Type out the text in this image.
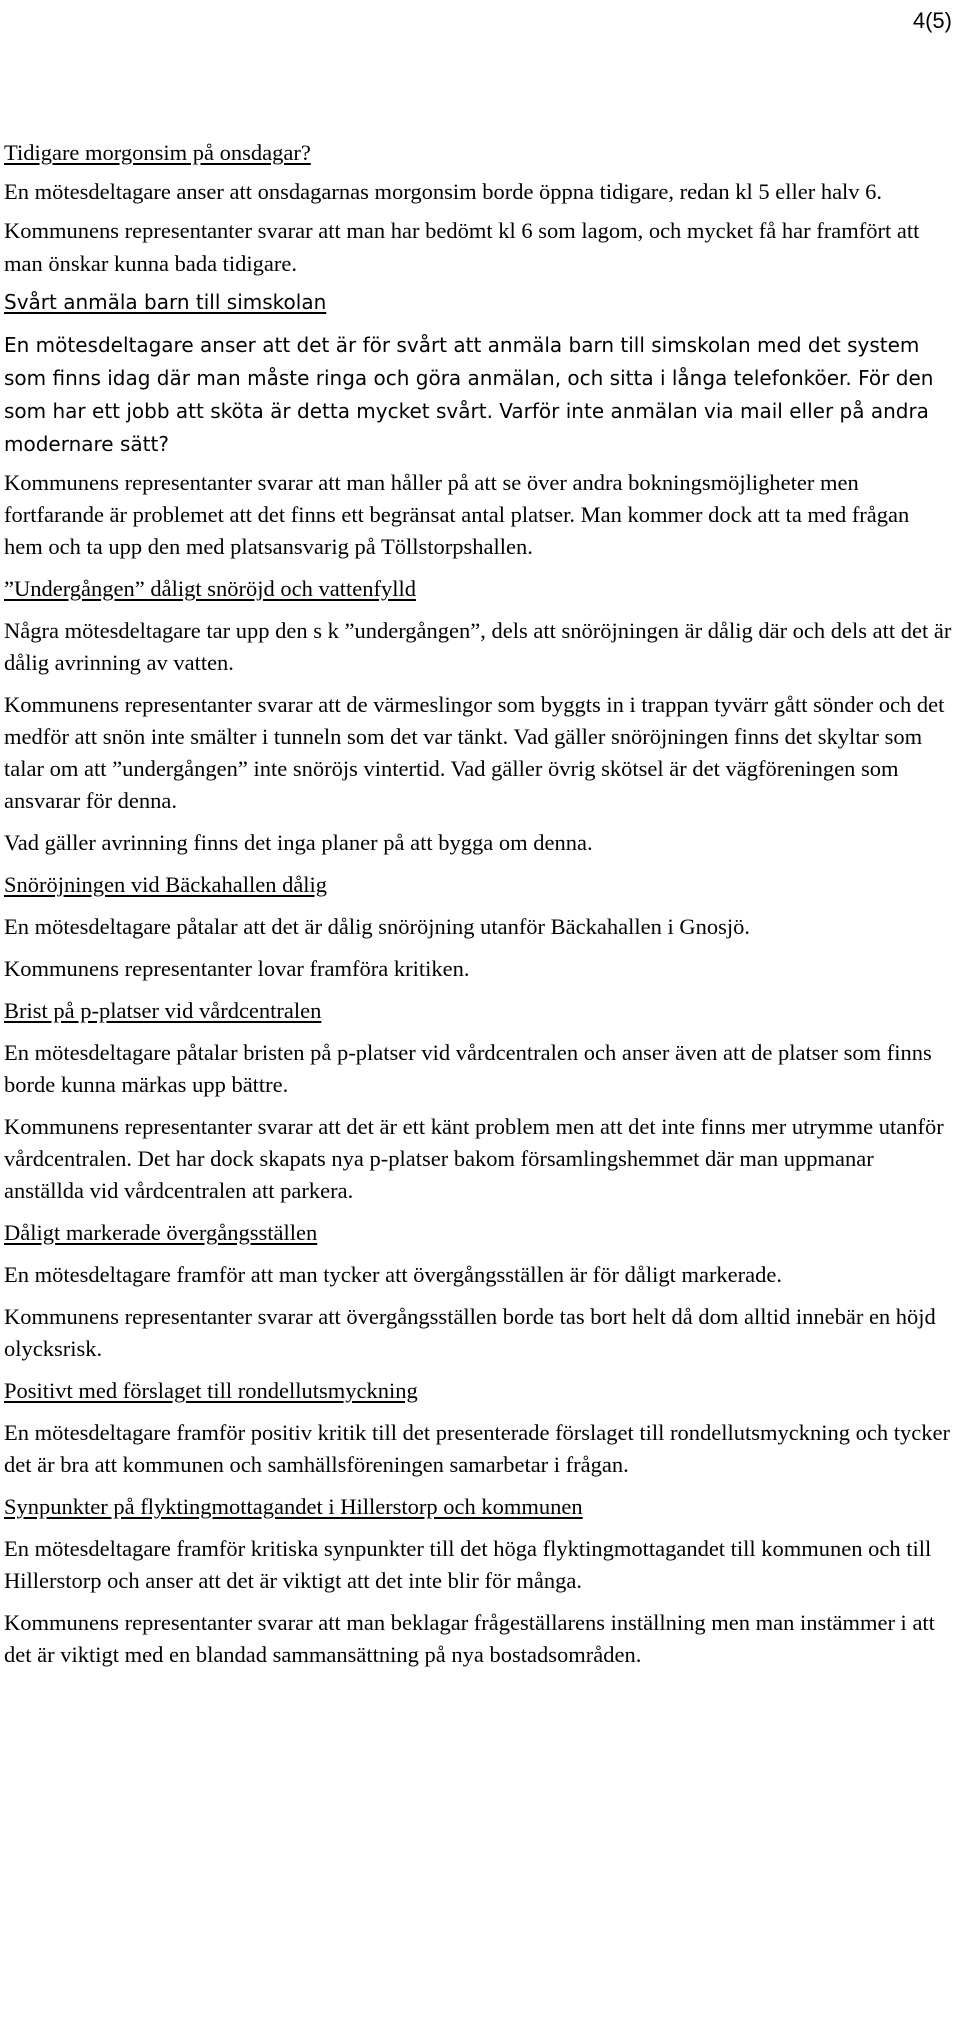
4(5)
Tidigare morgonsim på onsdagar?
En mötesdeltagare anser att onsdagarnas morgonsim borde öppna tidigare, redan kl 5 eller halv 6.
Kommunens representanter svarar att man har bedömt kl 6 som lagom, och mycket få har framfört att man önskar kunna bada tidigare.
Svårt anmäla barn till simskolan
En mötesdeltagare anser att det är för svårt att anmäla barn till simskolan med det system som finns idag där man måste ringa och göra anmälan, och sitta i långa telefonköer. För den som har ett jobb att sköta är detta mycket svårt. Varför inte anmälan via mail eller på andra modernare sätt?
Kommunens representanter svarar att man håller på att se över andra bokningsmöjligheter men fortfarande är problemet att det finns ett begränsat antal platser. Man kommer dock att ta med frågan hem och ta upp den med platsansvarig på Töllstorpshallen.
”Undergången” dåligt snöröjd och vattenfylld
Några mötesdeltagare tar upp den s k ”undergången”, dels att snöröjningen är dålig där och dels att det är dålig avrinning av vatten.
Kommunens representanter svarar att de värmeslingor som byggts in i trappan tyvärr gått sönder och det medför att snön inte smälter i tunneln som det var tänkt. Vad gäller snöröjningen finns det skyltar som talar om att ”undergången” inte snöröjs vintertid. Vad gäller övrig skötsel är det vägföreningen som ansvarar för denna.
Vad gäller avrinning finns det inga planer på att bygga om denna.
Snöröjningen vid Bäckahallen dålig
En mötesdeltagare påtalar att det är dålig snöröjning utanför Bäckahallen i Gnosjö.
Kommunens representanter lovar framföra kritiken.
Brist på p-platser vid vårdcentralen
En mötesdeltagare påtalar bristen på p-platser vid vårdcentralen och anser även att de platser som finns borde kunna märkas upp bättre.
Kommunens representanter svarar att det är ett känt problem men att det inte finns mer utrymme utanför vårdcentralen. Det har dock skapats nya p-platser bakom församlingshemmet där man uppmanar anställda vid vårdcentralen att parkera.
Dåligt markerade övergångsställen
En mötesdeltagare framför att man tycker att övergångsställen är för dåligt markerade.
Kommunens representanter svarar att övergångsställen borde tas bort helt då dom alltid innebär en höjd olycksrisk.
Positivt med förslaget till rondellutsmyckning
En mötesdeltagare framför positiv kritik till det presenterade förslaget till rondellutsmyckning och tycker det är bra att kommunen och samhällsföreningen samarbetar i frågan.
Synpunkter på flyktingmottagandet i Hillerstorp och kommunen
En mötesdeltagare framför kritiska synpunkter till det höga flyktingmottagandet till kommunen och till Hillerstorp och anser att det är viktigt att det inte blir för många.
Kommunens representanter svarar att man beklagar frågeställarens inställning men man instämmer i att det är viktigt med en blandad sammansättning på nya bostadsområden.
